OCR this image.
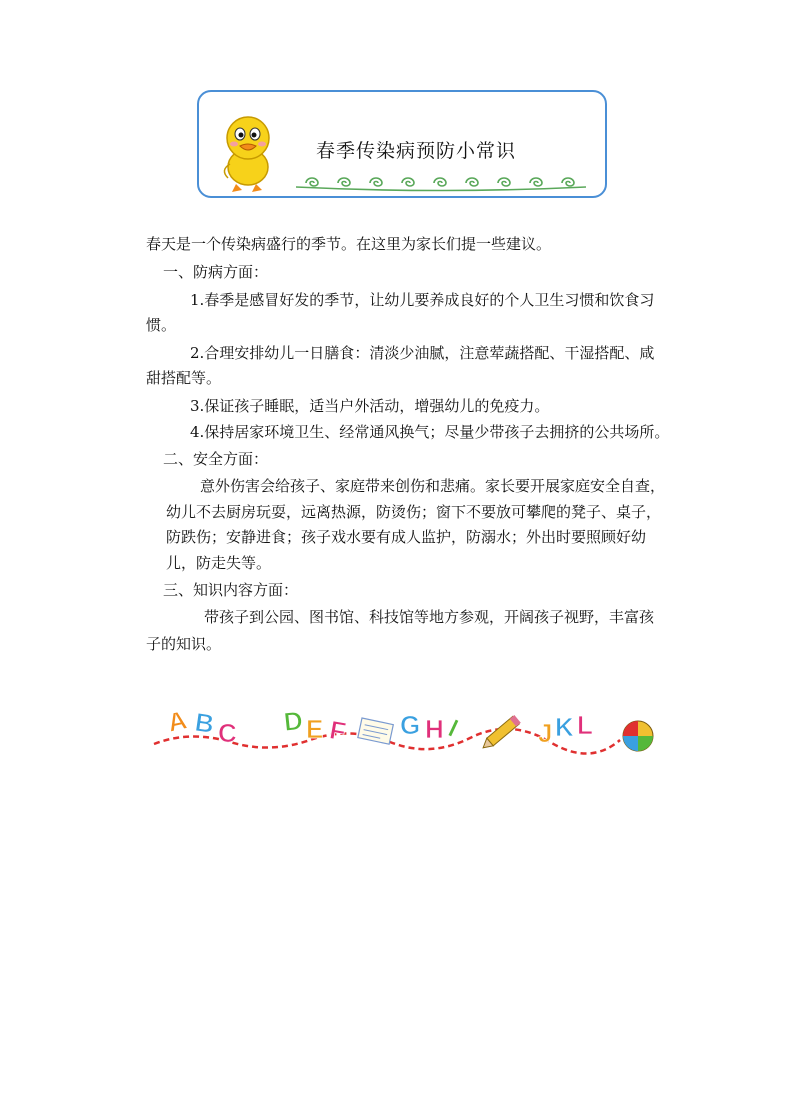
春季传染病预防小常识
春天是一个传染病盛行的季节。在这里为家长们提一些建议。
一、防病方面：
1.春季是感冒好发的季节，让幼儿要养成良好的个人卫生习惯和饮食习
惯。
2.合理安排幼儿一日膳食：清淡少油腻，注意荤蔬搭配、干湿搭配、咸
甜搭配等。
3.保证孩子睡眠，适当户外活动，增强幼儿的免疫力。
4.保持居家环境卫生、经常通风换气；尽量少带孩子去拥挤的公共场所。
二、安全方面：
意外伤害会给孩子、家庭带来创伤和悲痛。家长要开展家庭安全自查，
幼儿不去厨房玩耍，远离热源，防烫伤；窗下不要放可攀爬的凳子、桌子，
防跌伤；安静进食；孩子戏水要有成人监护，防溺水；外出时要照顾好幼
儿，防走失等。
三、知识内容方面：
带孩子到公园、图书馆、科技馆等地方参观，开阔孩子视野，丰富孩
子的知识。
A B C D E F G H I	J K L
